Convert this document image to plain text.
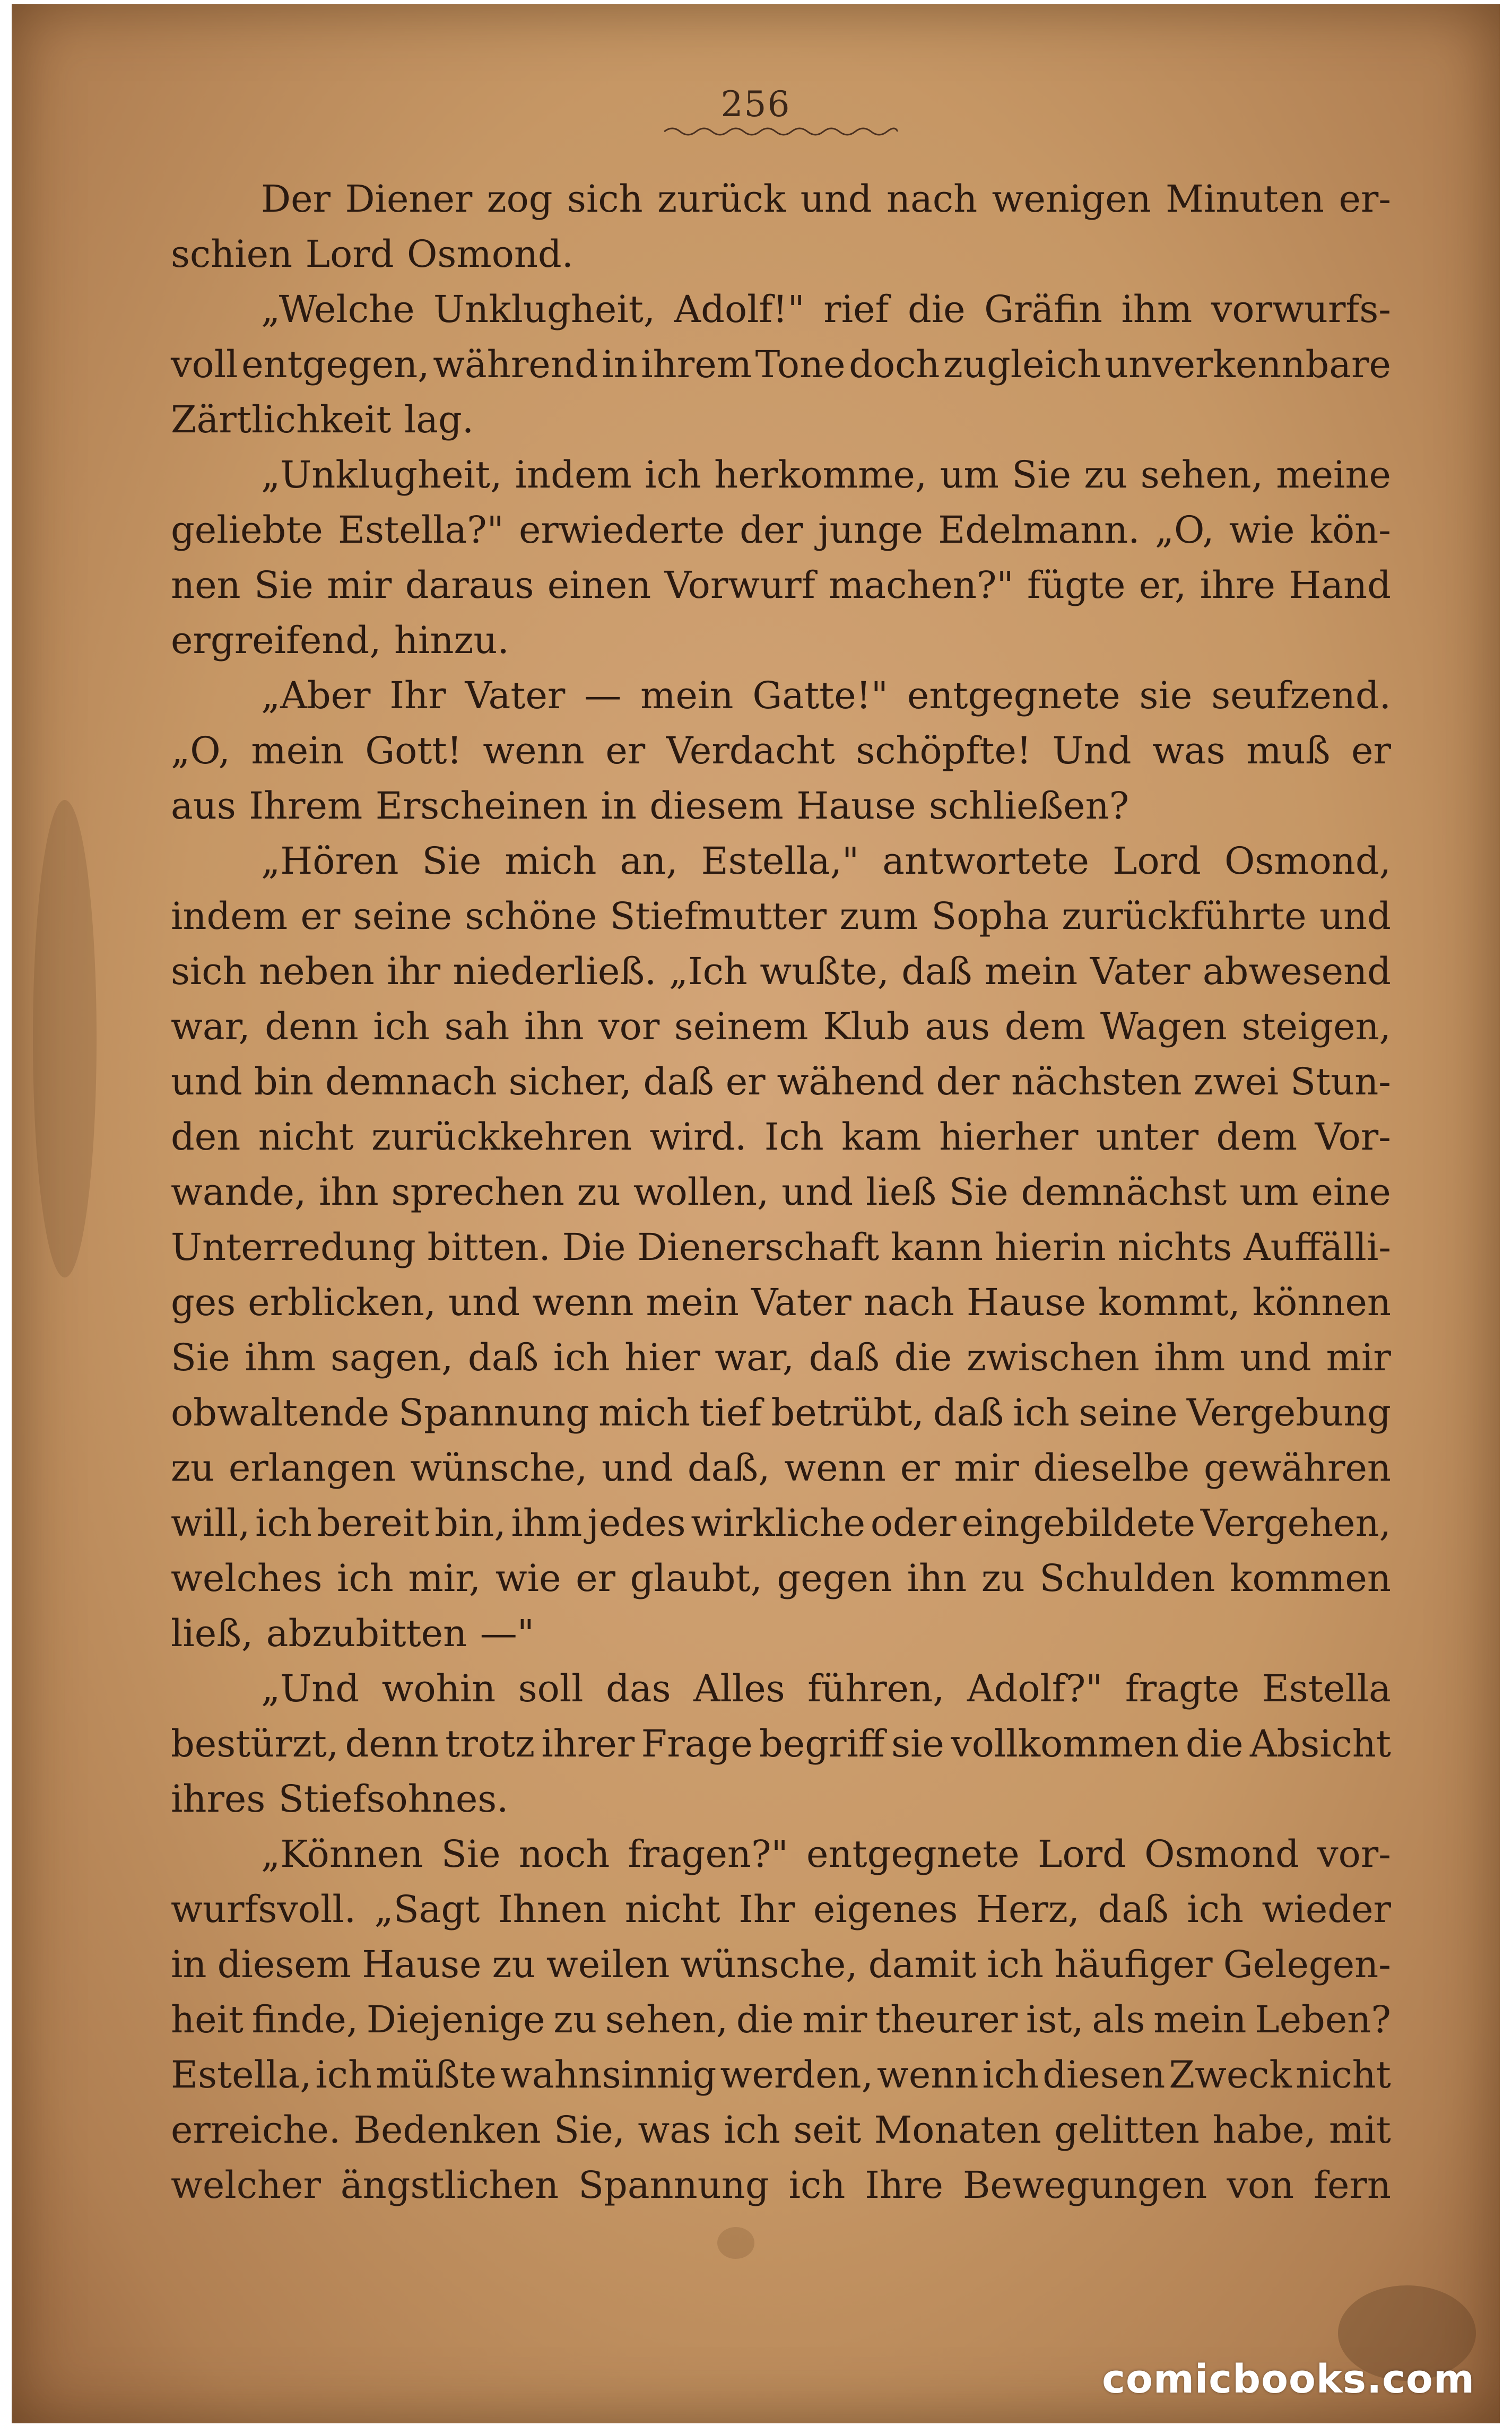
256
Der Diener zog sich zurück und nach wenigen Minuten er-
schien Lord Osmond.
„Welche Unklugheit, Adolf!" rief die Gräfin ihm vorwurfs-
voll entgegen, während in ihrem Tone doch zugleich unverkennbare
Zärtlichkeit lag.
„Unklugheit, indem ich herkomme, um Sie zu sehen, meine
geliebte Estella?" erwiederte der junge Edelmann. „O, wie kön-
nen Sie mir daraus einen Vorwurf machen?" fügte er, ihre Hand
ergreifend, hinzu.
„Aber Ihr Vater — mein Gatte!" entgegnete sie seufzend.
„O, mein Gott! wenn er Verdacht schöpfte! Und was muß er
aus Ihrem Erscheinen in diesem Hause schließen?
„Hören Sie mich an, Estella," antwortete Lord Osmond,
indem er seine schöne Stiefmutter zum Sopha zurückführte und
sich neben ihr niederließ. „Ich wußte, daß mein Vater abwesend
war, denn ich sah ihn vor seinem Klub aus dem Wagen steigen,
und bin demnach sicher, daß er wähend der nächsten zwei Stun-
den nicht zurückkehren wird. Ich kam hierher unter dem Vor-
wande, ihn sprechen zu wollen, und ließ Sie demnächst um eine
Unterredung bitten. Die Dienerschaft kann hierin nichts Auffälli-
ges erblicken, und wenn mein Vater nach Hause kommt, können
Sie ihm sagen, daß ich hier war, daß die zwischen ihm und mir
obwaltende Spannung mich tief betrübt, daß ich seine Vergebung
zu erlangen wünsche, und daß, wenn er mir dieselbe gewähren
will, ich bereit bin, ihm jedes wirkliche oder eingebildete Vergehen,
welches ich mir, wie er glaubt, gegen ihn zu Schulden kommen
ließ, abzubitten —"
„Und wohin soll das Alles führen, Adolf?" fragte Estella
bestürzt, denn trotz ihrer Frage begriff sie vollkommen die Absicht
ihres Stiefsohnes.
„Können Sie noch fragen?" entgegnete Lord Osmond vor-
wurfsvoll. „Sagt Ihnen nicht Ihr eigenes Herz, daß ich wieder
in diesem Hause zu weilen wünsche, damit ich häufiger Gelegen-
heit finde, Diejenige zu sehen, die mir theurer ist, als mein Leben?
Estella, ich müßte wahnsinnig werden, wenn ich diesen Zweck nicht
erreiche. Bedenken Sie, was ich seit Monaten gelitten habe, mit
welcher ängstlichen Spannung ich Ihre Bewegungen von fern
comicbooks.com
